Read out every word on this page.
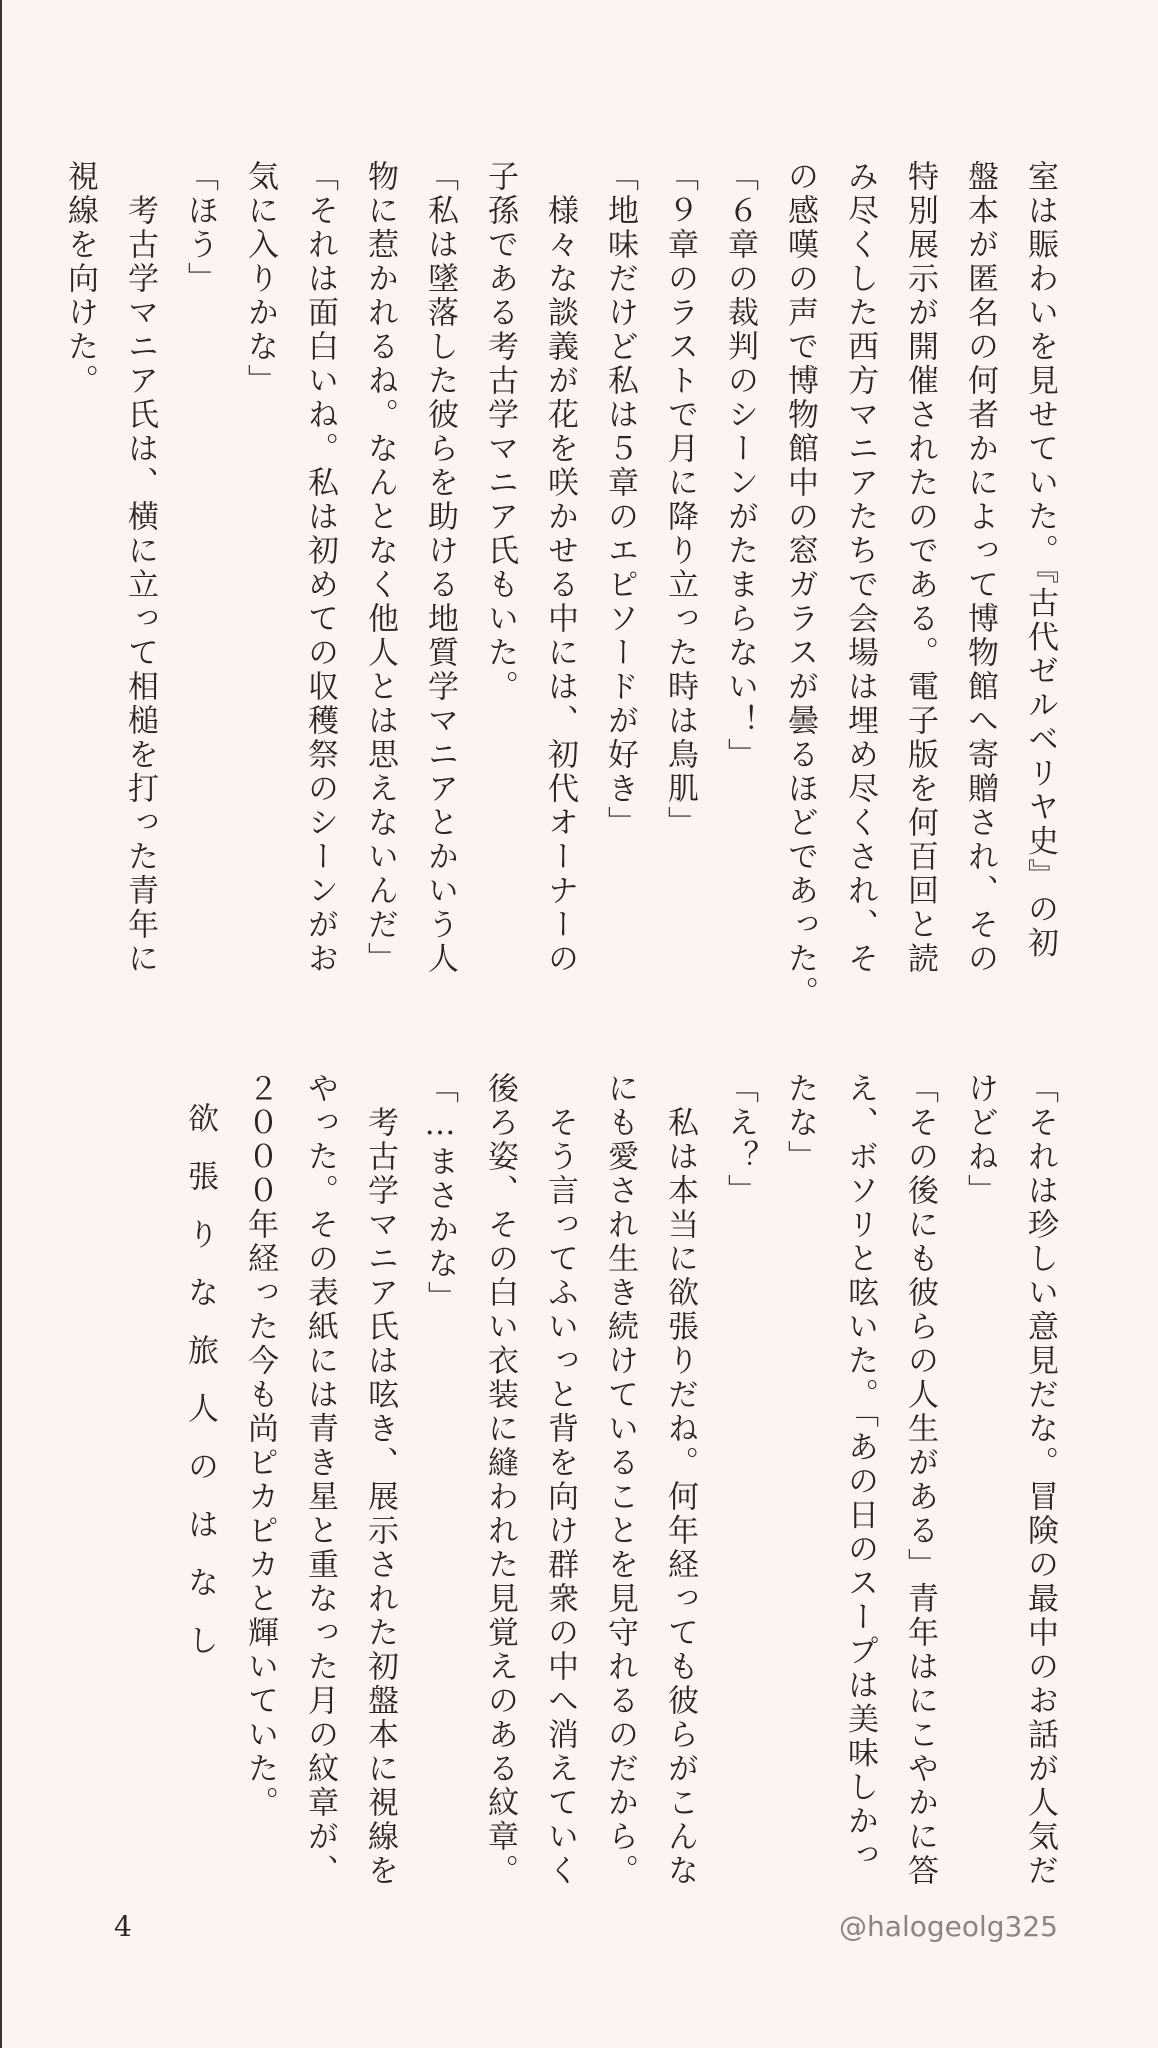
室は賑わいを見せていた。『古代ゼルベリヤ史』の初
盤本が匿名の何者かによって博物館へ寄贈され、その
特別展示が開催されたのである。電子版を何百回と読
み尽くした西方マニアたちで会場は埋め尽くされ、そ
の感嘆の声で博物館中の窓ガラスが曇るほどであった。
「６章の裁判のシーンがたまらない！」
「９章のラストで月に降り立った時は鳥肌」
「地味だけど私は５章のエピソードが好き」
　様々な談義が花を咲かせる中には、初代オーナーの
子孫である考古学マニア氏もいた。
「私は墜落した彼らを助ける地質学マニアとかいう人
物に惹かれるね。なんとなく他人とは思えないんだ」
「それは面白いね。私は初めての収穫祭のシーンがお
気に入りかな」
「ほう」
　考古学マニア氏は、横に立って相槌を打った青年に
視線を向けた。
「それは珍しい意見だな。冒険の最中のお話が人気だ
けどね」
「その後にも彼らの人生がある」青年はにこやかに答
え、ボソリと呟いた。「あの日のスープは美味しかっ
たな」
「え？」
　私は本当に欲張りだね。何年経っても彼らがこんな
にも愛され生き続けていることを見守れるのだから。
　そう言ってふいっと背を向け群衆の中へ消えていく
後ろ姿、その白い衣装に縫われた見覚えのある紋章。
「…まさかな」
　考古学マニア氏は呟き、展示された初盤本に視線を
やった。その表紙には青き星と重なった月の紋章が、
２０００年経った今も尚ピカピカと輝いていた。
欲張りな旅人のはなし
4	@halogeolg325
